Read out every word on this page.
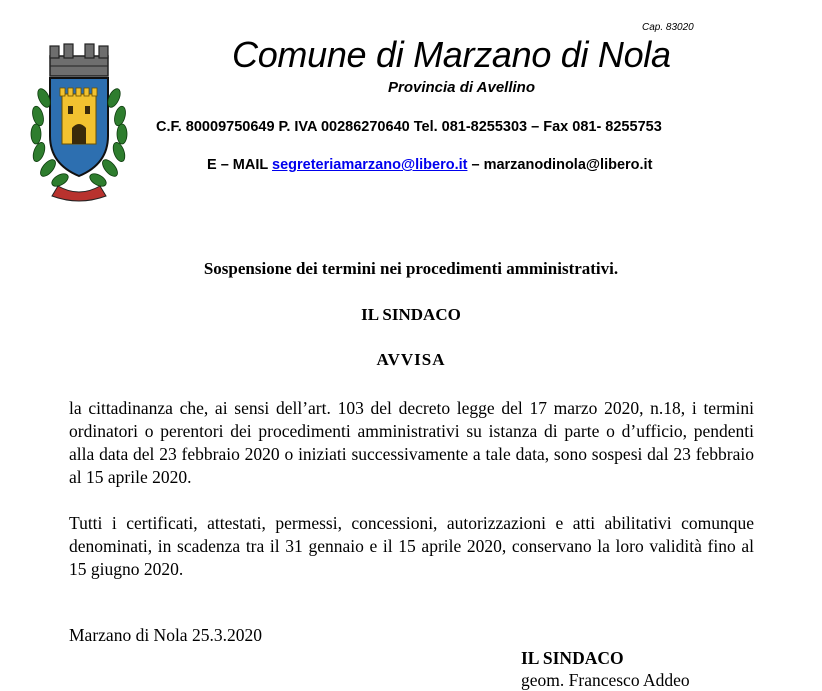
Cap. 83020
Comune di Marzano di Nola
Provincia di Avellino
C.F. 80009750649 P. IVA 00286270640 Tel. 081-8255303 – Fax 081- 8255753
E – MAIL segreteriamarzano@libero.it – marzanodinola@libero.it
Sospensione dei termini nei procedimenti amministrativi.
IL SINDACO
AVVISA
la cittadinanza che, ai sensi dell’art. 103 del decreto legge del 17 marzo 2020, n.18, i termini ordinatori o perentori dei procedimenti amministrativi su istanza di parte o d’ufficio, pendenti alla data del 23 febbraio 2020 o iniziati successivamente a tale data, sono sospesi dal 23 febbraio al 15 aprile 2020.
Tutti i certificati, attestati, permessi, concessioni, autorizzazioni e atti abilitativi comunque denominati, in scadenza tra il 31 gennaio e il 15 aprile 2020, conservano la loro validità fino al 15 giugno 2020.
Marzano di Nola 25.3.2020
IL SINDACO
geom. Francesco Addeo
